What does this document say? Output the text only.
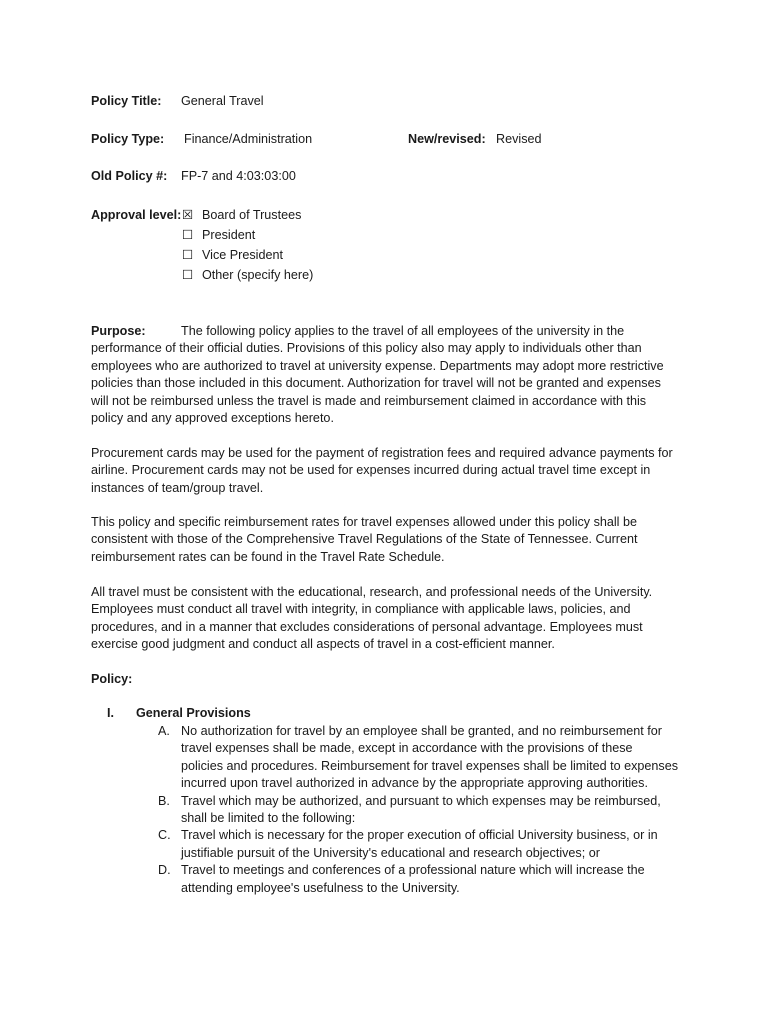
Policy Title: General Travel
Policy Type: Finance/Administration	New/revised: Revised
Old Policy #: FP-7 and 4:03:03:00
Approval level: ☒ Board of Trustees
☐ President
☐ Vice President
☐ Other (specify here)

Purpose:	The following policy applies to the travel of all employees of the university in the performance of their official duties. Provisions of this policy also may apply to individuals other than employees who are authorized to travel at university expense. Departments may adopt more restrictive policies than those included in this document. Authorization for travel will not be granted and expenses will not be reimbursed unless the travel is made and reimbursement claimed in accordance with this policy and any approved exceptions hereto.

Procurement cards may be used for the payment of registration fees and required advance payments for airline. Procurement cards may not be used for expenses incurred during actual travel time except in instances of team/group travel.

This policy and specific reimbursement rates for travel expenses allowed under this policy shall be consistent with those of the Comprehensive Travel Regulations of the State of Tennessee. Current reimbursement rates can be found in the Travel Rate Schedule.

All travel must be consistent with the educational, research, and professional needs of the University. Employees must conduct all travel with integrity, in compliance with applicable laws, policies, and procedures, and in a manner that excludes considerations of personal advantage. Employees must exercise good judgment and conduct all aspects of travel in a cost-efficient manner.

Policy:
I. General Provisions
A. No authorization for travel by an employee shall be granted, and no reimbursement for travel expenses shall be made, except in accordance with the provisions of these policies and procedures. Reimbursement for travel expenses shall be limited to expenses incurred upon travel authorized in advance by the appropriate approving authorities.
B. Travel which may be authorized, and pursuant to which expenses may be reimbursed, shall be limited to the following:
C. Travel which is necessary for the proper execution of official University business, or in justifiable pursuit of the University's educational and research objectives; or
D. Travel to meetings and conferences of a professional nature which will increase the attending employee's usefulness to the University.
